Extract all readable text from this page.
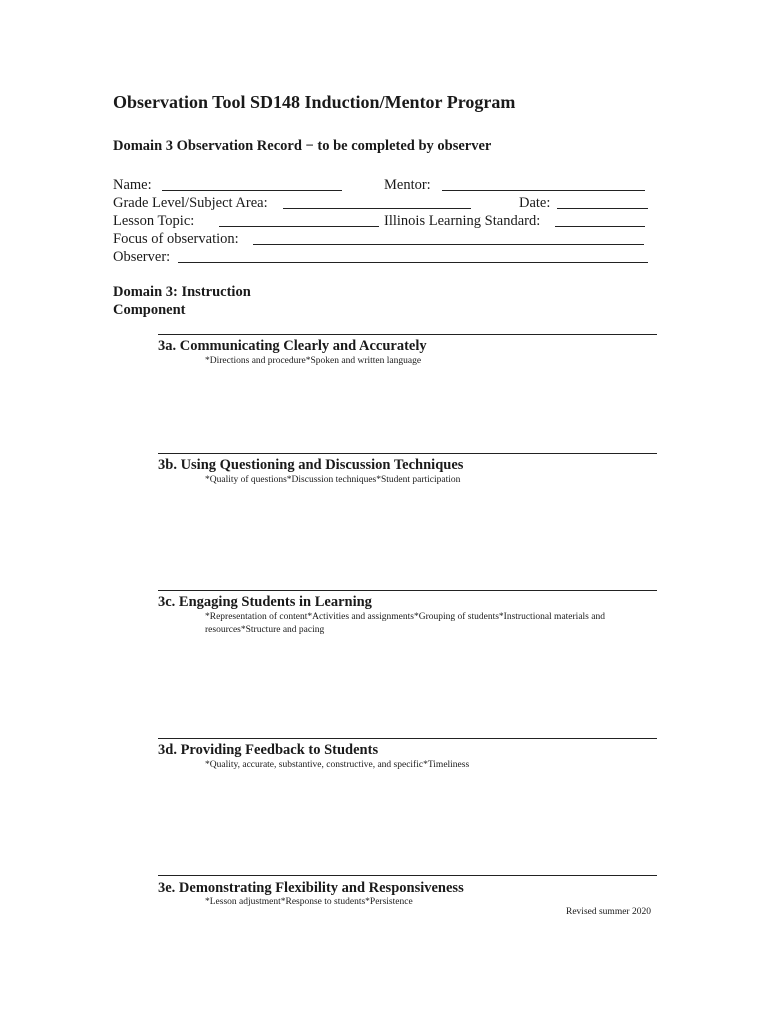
Observation Tool SD148 Induction/Mentor Program
Domain 3 Observation Record − to be completed by observer
Name:	Mentor:
Grade Level/Subject Area:	Date:
Lesson Topic:	Illinois Learning Standard:
Focus of observation:
Observer:
Domain 3: Instruction
Component
3a. Communicating Clearly and Accurately
*Directions and procedure*Spoken and written language
3b. Using Questioning and Discussion Techniques
*Quality of questions*Discussion techniques*Student participation
3c. Engaging Students in Learning
*Representation of content*Activities and assignments*Grouping of students*Instructional materials and resources*Structure and pacing
3d. Providing Feedback to Students
*Quality, accurate, substantive, constructive, and specific*Timeliness
3e. Demonstrating Flexibility and Responsiveness
*Lesson adjustment*Response to students*Persistence
Revised summer 2020
